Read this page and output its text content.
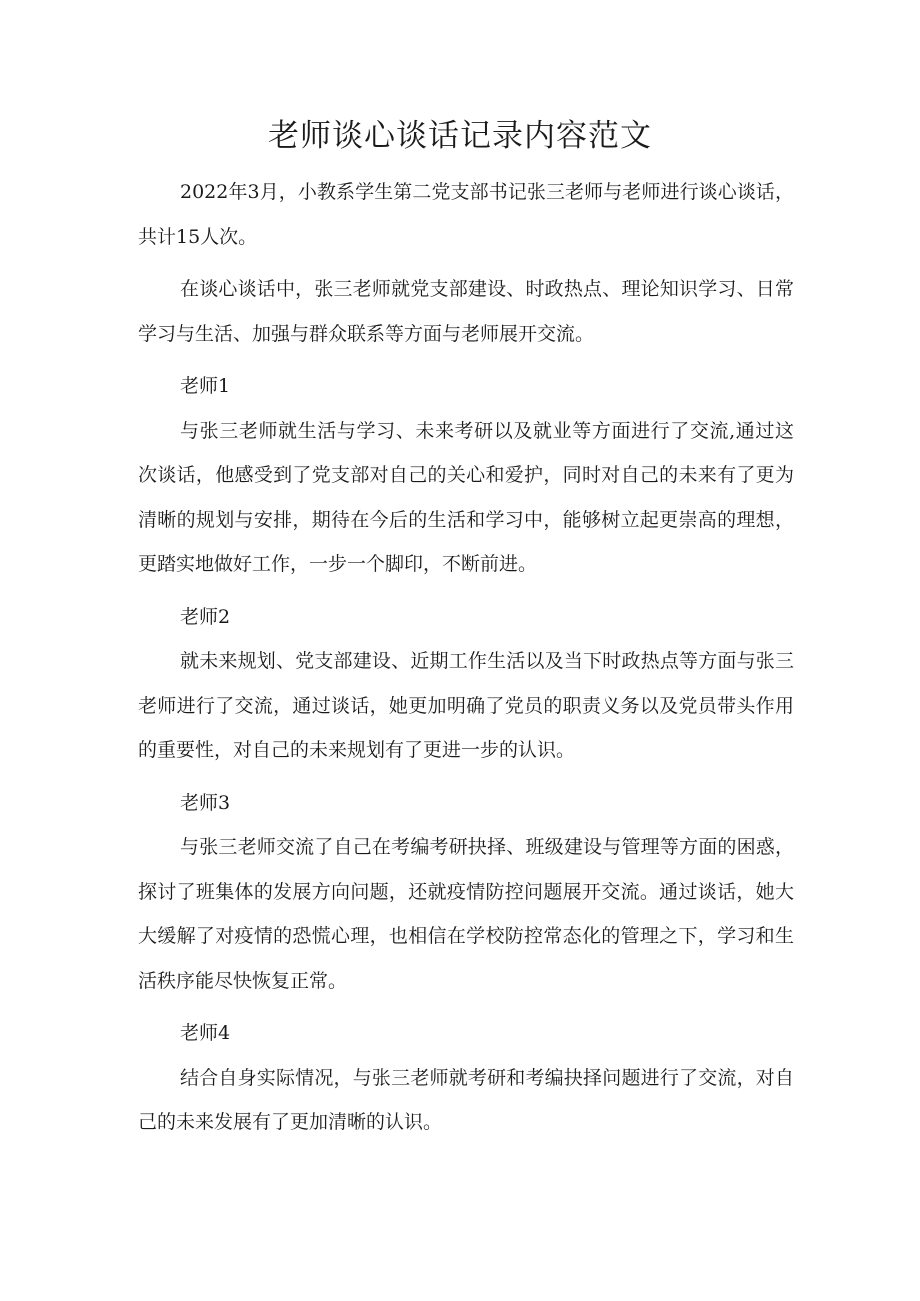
老师谈心谈话记录内容范文

2022年3月，小教系学生第二党支部书记张三老师与老师进行谈心谈话，共计15人次。

在谈心谈话中，张三老师就党支部建设、时政热点、理论知识学习、日常学习与生活、加强与群众联系等方面与老师展开交流。

老师1

与张三老师就生活与学习、未来考研以及就业等方面进行了交流,通过这次谈话，他感受到了党支部对自己的关心和爱护，同时对自己的未来有了更为清晰的规划与安排，期待在今后的生活和学习中，能够树立起更崇高的理想，更踏实地做好工作，一步一个脚印，不断前进。

老师2

就未来规划、党支部建设、近期工作生活以及当下时政热点等方面与张三老师进行了交流，通过谈话，她更加明确了党员的职责义务以及党员带头作用的重要性，对自己的未来规划有了更进一步的认识。

老师3

与张三老师交流了自己在考编考研抉择、班级建设与管理等方面的困惑，探讨了班集体的发展方向问题，还就疫情防控问题展开交流。通过谈话，她大大缓解了对疫情的恐慌心理，也相信在学校防控常态化的管理之下，学习和生活秩序能尽快恢复正常。

老师4

结合自身实际情况，与张三老师就考研和考编抉择问题进行了交流，对自己的未来发展有了更加清晰的认识。
